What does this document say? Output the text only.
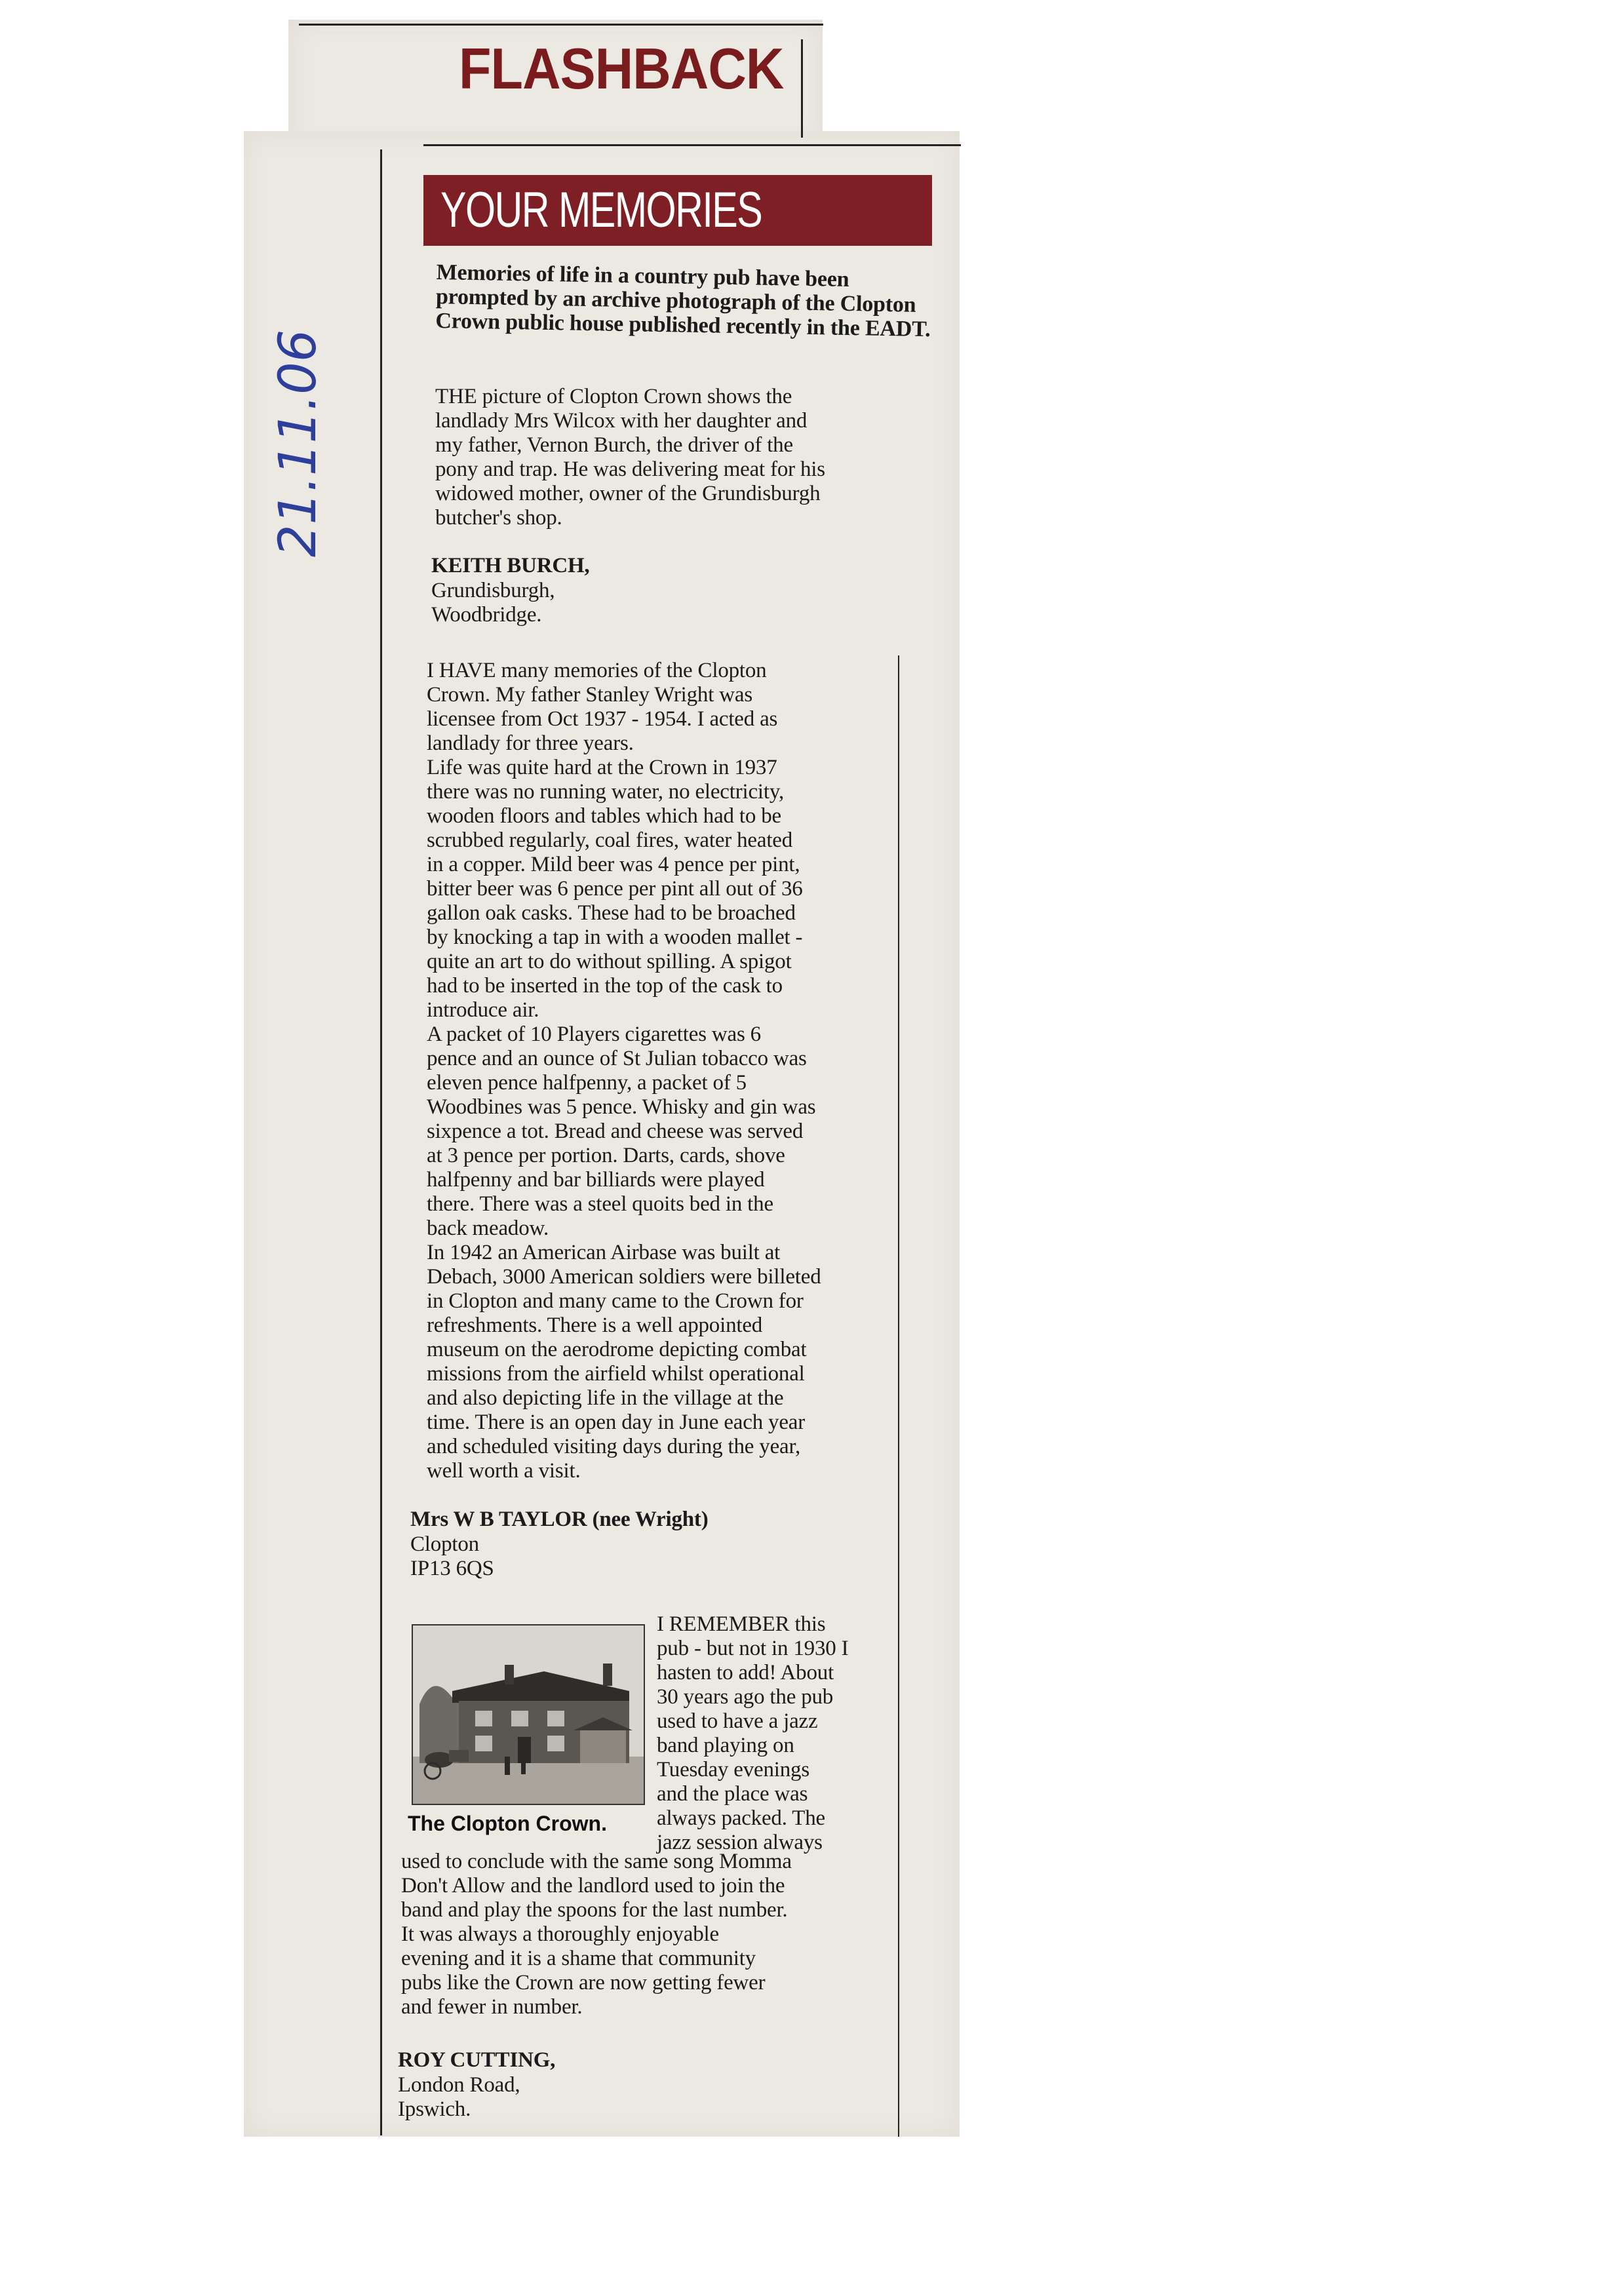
FLASHBACK
YOUR MEMORIES
21.11.06
Memories of life in a country pub have been prompted by an archive photograph of the Clopton Crown public house published recently in the EADT.
THE picture of Clopton Crown shows the
landlady Mrs Wilcox with her daughter and
my father, Vernon Burch, the driver of the
pony and trap. He was delivering meat for his
widowed mother, owner of the Grundisburgh
butcher's shop.
KEITH BURCH,
Grundisburgh,
Woodbridge.
I HAVE many memories of the Clopton
Crown. My father Stanley Wright was
licensee from Oct 1937 - 1954. I acted as
landlady for three years.
Life was quite hard at the Crown in 1937
there was no running water, no electricity,
wooden floors and tables which had to be
scrubbed regularly, coal fires, water heated
in a copper. Mild beer was 4 pence per pint,
bitter beer was 6 pence per pint all out of 36
gallon oak casks. These had to be broached
by knocking a tap in with a wooden mallet -
quite an art to do without spilling. A spigot
had to be inserted in the top of the cask to
introduce air.
A packet of 10 Players cigarettes was 6
pence and an ounce of St Julian tobacco was
eleven pence halfpenny, a packet of 5
Woodbines was 5 pence. Whisky and gin was
sixpence a tot. Bread and cheese was served
at 3 pence per portion. Darts, cards, shove
halfpenny and bar billiards were played
there. There was a steel quoits bed in the
back meadow.
In 1942 an American Airbase was built at
Debach, 3000 American soldiers were billeted
in Clopton and many came to the Crown for
refreshments. There is a well appointed
museum on the aerodrome depicting combat
missions from the airfield whilst operational
and also depicting life in the village at the
time. There is an open day in June each year
and scheduled visiting days during the year,
well worth a visit.
Mrs W B TAYLOR (nee Wright)
Clopton
IP13 6QS
The Clopton Crown.
I REMEMBER this
pub - but not in 1930 I
hasten to add! About
30 years ago the pub
used to have a jazz
band playing on
Tuesday evenings
and the place was
always packed. The
jazz session always
used to conclude with the same song Momma
Don't Allow and the landlord used to join the
band and play the spoons for the last number.
It was always a thoroughly enjoyable
evening and it is a shame that community
pubs like the Crown are now getting fewer
and fewer in number.
ROY CUTTING,
London Road,
Ipswich.
